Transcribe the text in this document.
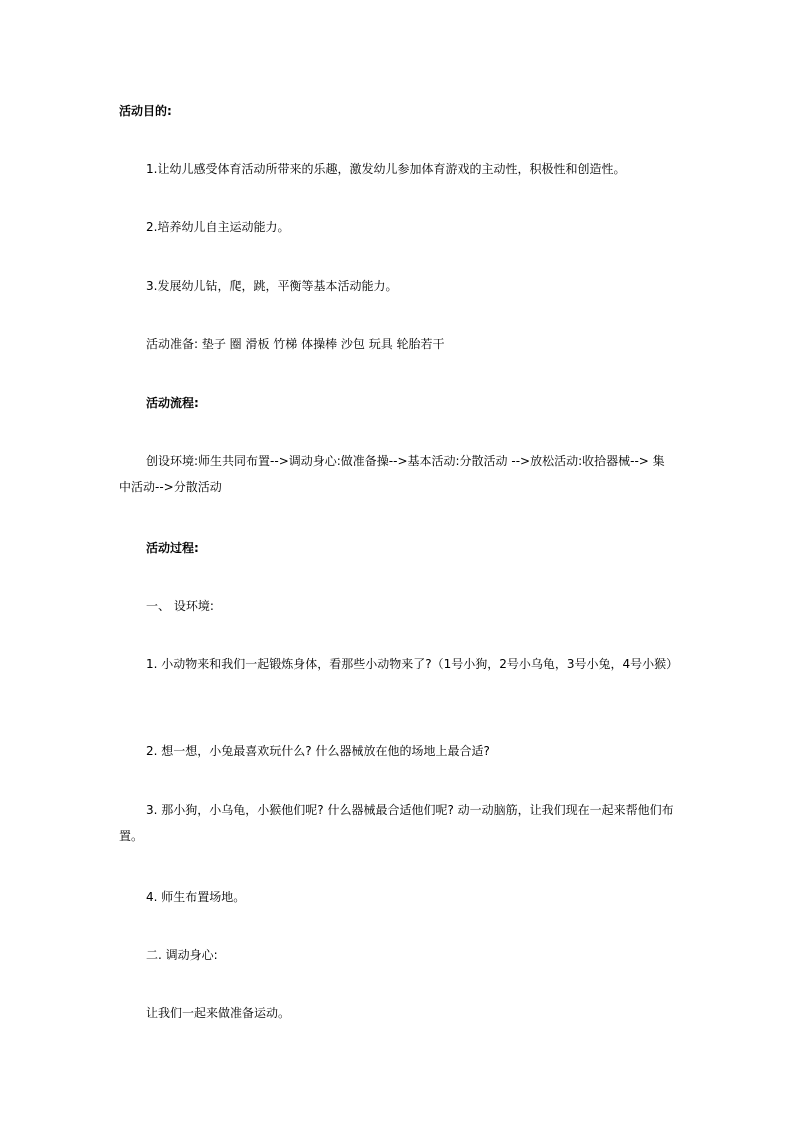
活动目的:
1.让幼儿感受体育活动所带来的乐趣，激发幼儿参加体育游戏的主动性，积极性和创造性。
2.培养幼儿自主运动能力。
3.发展幼儿钻，爬，跳，平衡等基本活动能力。
活动准备: 垫子 圈 滑板 竹梯 体操棒 沙包 玩具 轮胎若干
活动流程:
创设环境:师生共同布置-->调动身心:做准备操-->基本活动:分散活动 -->放松活动:收拾器械--> 集中活动-->分散活动
活动过程:
一、 设环境:
1. 小动物来和我们一起锻炼身体，看那些小动物来了?（1号小狗，2号小乌龟，3号小兔，4号小猴）
2. 想一想，小兔最喜欢玩什么? 什么器械放在他的场地上最合适?
3. 那小狗，小乌龟，小猴他们呢? 什么器械最合适他们呢? 动一动脑筋，让我们现在一起来帮他们布置。
4. 师生布置场地。
二. 调动身心:
让我们一起来做准备运动。
